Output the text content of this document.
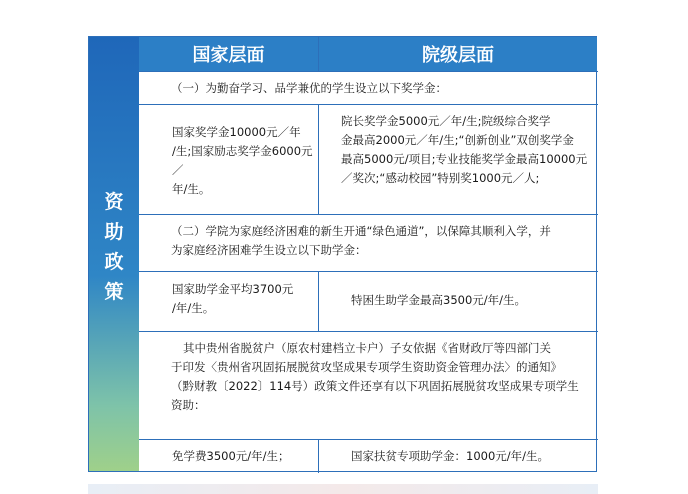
资
助
政
策
国家层面	院级层面
（一）为勤奋学习、品学兼优的学生设立以下奖学金：
国家奖学金10000元／年
/生;国家励志奖学金6000元／
年/生。
院长奖学金5000元／年/生;院级综合奖学
金最高2000元／年/生;“创新创业”双创奖学金
最高5000元/项目;专业技能奖学金最高10000元
／奖次;“感动校园”特别奖1000元／人;
（二）学院为家庭经济困难的新生开通“绿色通道”，以保障其顺利入学，并
为家庭经济困难学生设立以下助学金：
国家助学金平均3700元
/年/生。
特困生助学金最高3500元/年/生。
其中贵州省脱贫户（原农村建档立卡户）子女依据《省财政厅等四部门关
于印发〈贵州省巩固拓展脱贫攻坚成果专项学生资助资金管理办法〉的通知》
（黔财教〔2022〕114号）政策文件还享有以下巩固拓展脱贫攻坚成果专项学生
资助：
免学费3500元/年/生；	国家扶贫专项助学金：1000元/年/生。
